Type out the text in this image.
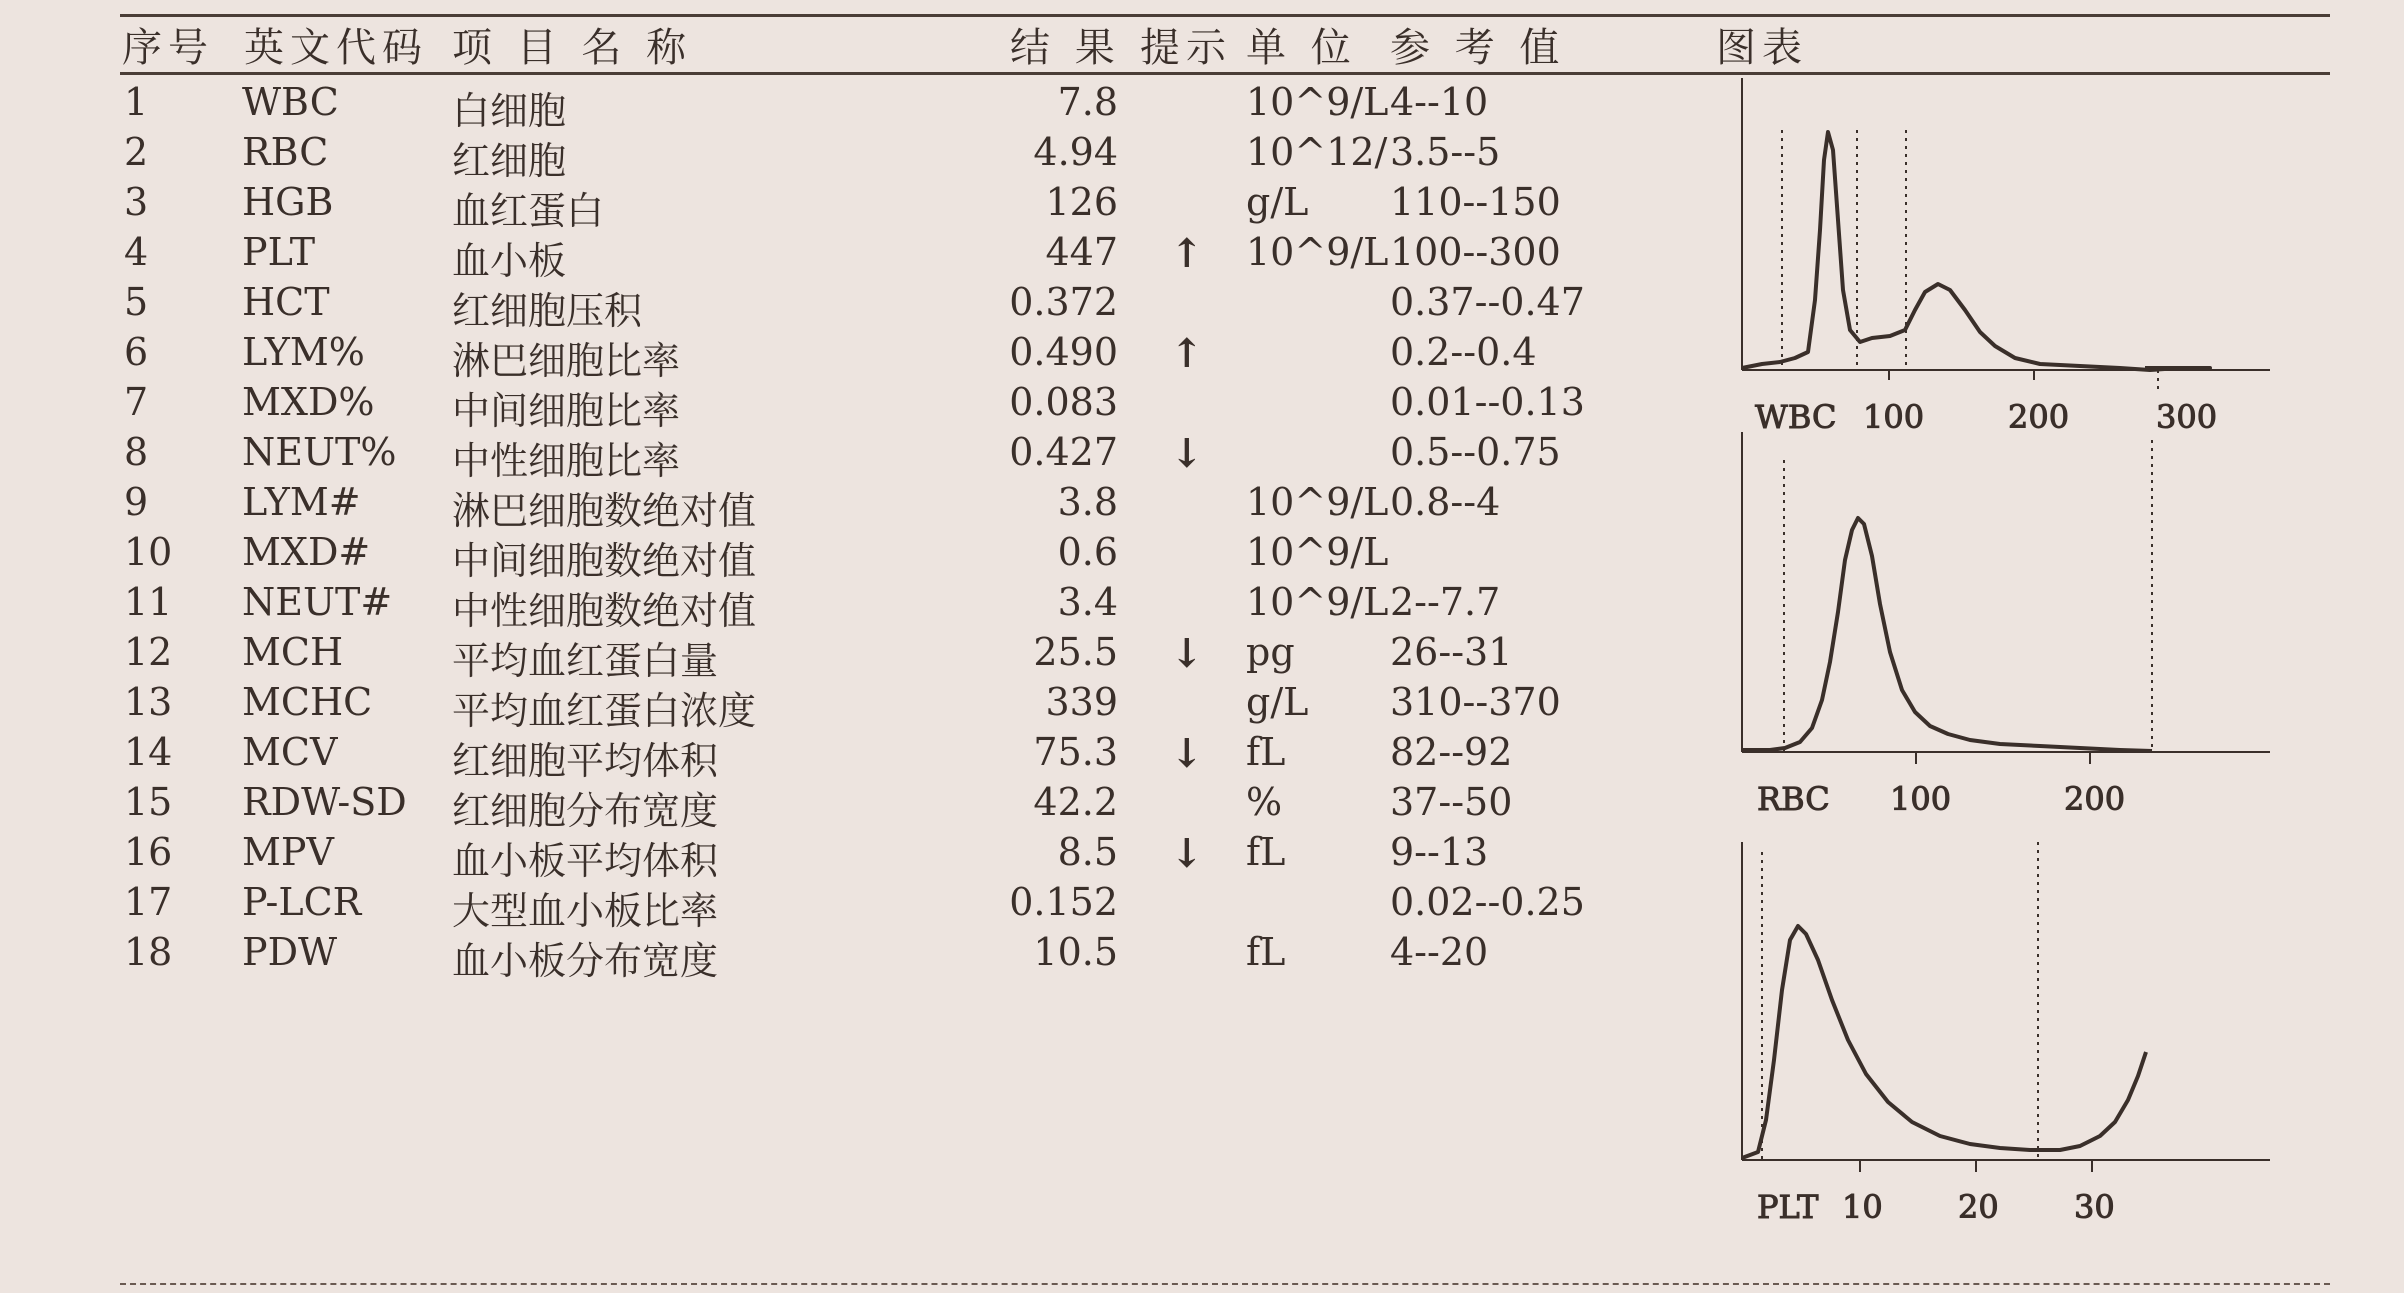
序号 英文代码 项 目 名 称	结 果 提示 单 位 参 考 值	图表
1 WBC	白细胞	7.8	10^9/L 4--10
2 RBC	红细胞	4.94	10^12/ 3.5--5
3 HGB	血红蛋白	126	g/L 110--150
4 PLT	血小板	447 ↑ 10^9/L 100--300
5 HCT	红细胞压积	0.372	0.37--0.47
6 LYM% 淋巴细胞比率	0.490 ↑	0.2--0.4
7 MXD% 中间细胞比率	0.083	0.01--0.13
8 NEUT% 中性细胞比率	0.427 ↓	0.5--0.75
9 LYM# 淋巴细胞数绝对值	3.8	10^9/L 0.8--4
10 MXD# 中间细胞数绝对值	0.6	10^9/L
11 NEUT# 中性细胞数绝对值	3.4	10^9/L 2--7.7
12 MCH	平均血红蛋白量	25.5 ↓ pg	26--31
13 MCHC 平均血红蛋白浓度	339	g/L 310--370
14 MCV	红细胞平均体积	75.3 ↓ fL	82--92
15 RDW-SD 红细胞分布宽度	42.2	%	37--50
16 MPV	血小板平均体积	8.5 ↓ fL	9--13
17 P-LCR 大型血小板比率	0.152	0.02--0.25
18 PDW	血小板分布宽度	10.5	fL	4--20
WBC 100	200	300
RBC 100	200
PLT 10 20 30
